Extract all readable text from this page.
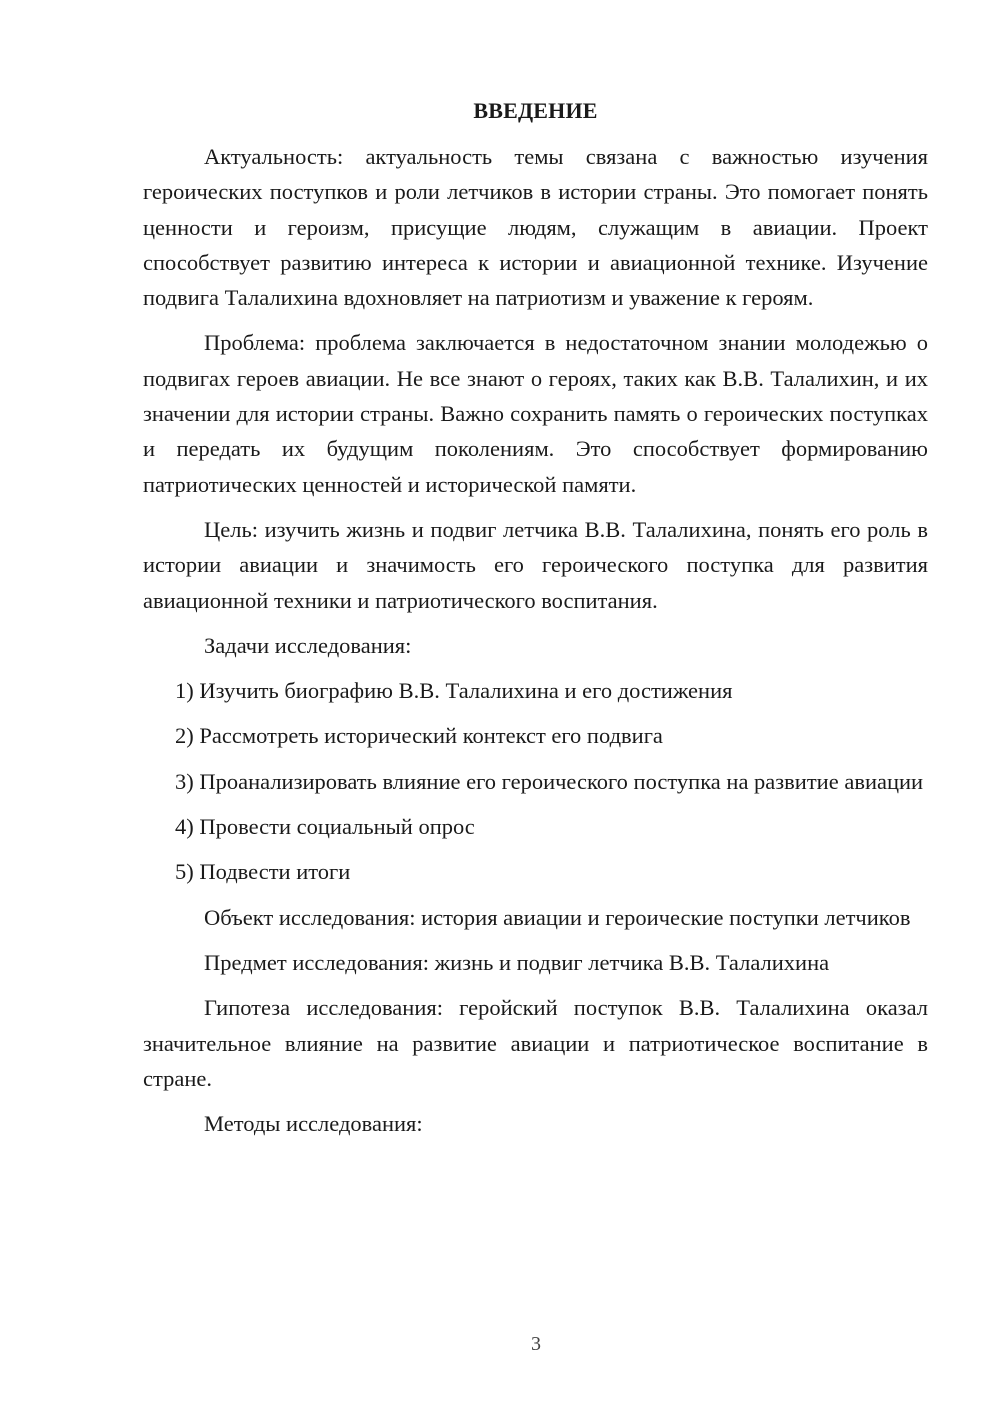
ВВЕДЕНИЕ

Актуальность: актуальность темы связана с важностью изучения героических поступков и роли летчиков в истории страны. Это помогает понять ценности и героизм, присущие людям, служащим в авиации. Проект способствует развитию интереса к истории и авиационной технике. Изучение подвига Талалихина вдохновляет на патриотизм и уважение к героям.

Проблема: проблема заключается в недостаточном знании молодежью о подвигах героев авиации. Не все знают о героях, таких как В.В. Талалихин, и их значении для истории страны. Важно сохранить память о героических поступках и передать их будущим поколениям. Это способствует формированию патриотических ценностей и исторической памяти.

Цель: изучить жизнь и подвиг летчика В.В. Талалихина, понять его роль в истории авиации и значимость его героического поступка для развития авиационной техники и патриотического воспитания.

Задачи исследования:

1) Изучить биографию В.В. Талалихина и его достижения

2) Рассмотреть исторический контекст его подвига

3) Проанализировать влияние его героического поступка на развитие авиации

4) Провести социальный опрос

5) Подвести итоги

Объект исследования: история авиации и героические поступки летчиков

Предмет исследования: жизнь и подвиг летчика В.В. Талалихина

Гипотеза исследования: геройский поступок В.В. Талалихина оказал значительное влияние на развитие авиации и патриотическое воспитание в стране.

Методы исследования:

3
